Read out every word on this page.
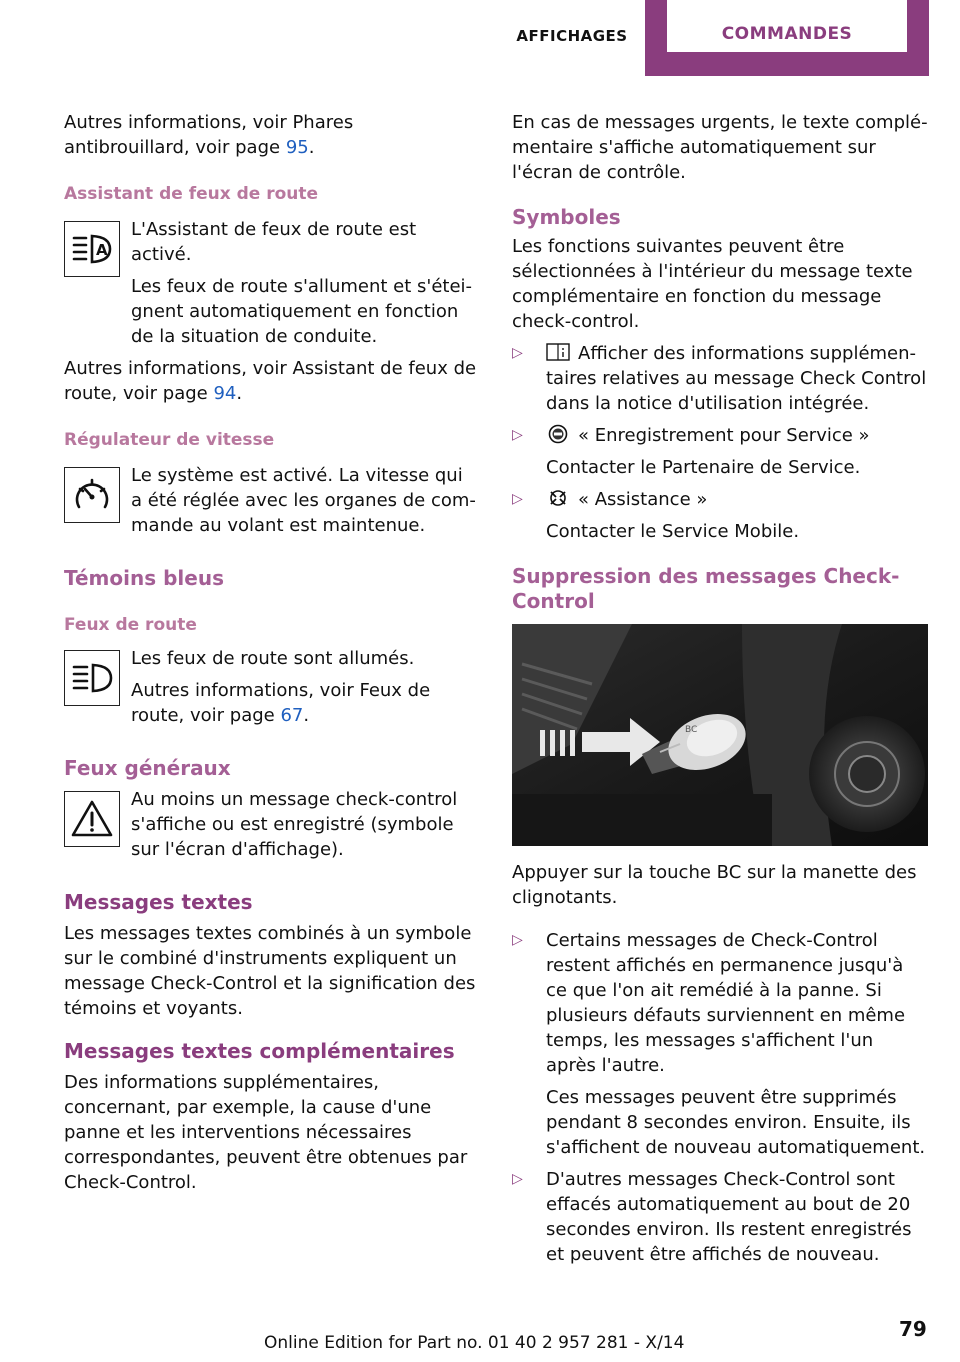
AFFICHAGES	COMMANDES

Autres informations, voir Phares antibrouillard, voir page 95.

Assistant de feux de route
A

L'Assistant de feux de route est activé.

Les feux de route s'allument et s'éteignent automatiquement en fonction de la situation de conduite.

Autres informations, voir Assistant de feux de route, voir page 94.

Régulateur de vitesse

Le système est activé. La vitesse qui a été réglée avec les organes de commande au volant est maintenue.

Témoins bleus
Feux de route

Les feux de route sont allumés.

Autres informations, voir Feux de route, voir page 67.

Feux généraux

Au moins un message check-control s'affiche ou est enregistré (symbole sur l'écran d'affichage).

Messages textes

Les messages textes combinés à un symbole sur le combiné d'instruments expliquent un message Check-Control et la signification des témoins et voyants.

Messages textes complémentaires

Des informations supplémentaires, concernant, par exemple, la cause d'une panne et les interventions nécessaires correspondantes, peuvent être obtenues par Check-Control.

En cas de messages urgents, le texte complémentaire s'affiche automatiquement sur l'écran de contrôle.

Symboles

Les fonctions suivantes peuvent être sélectionnées à l'intérieur du message texte complémentaire en fonction du message check-control.

▷	Afficher des informations supplémentaires relatives au message Check Control dans la notice d'utilisation intégrée.

▷	« Enregistrement pour Service »

Contacter le Partenaire de Service.

▷	« Assistance »

Contacter le Service Mobile.

Suppression des messages Check-Control
BC

Appuyer sur la touche BC sur la manette des clignotants.

▷ Certains messages de Check-Control restent affichés en permanence jusqu'à ce que l'on ait remédié à la panne. Si plusieurs défauts surviennent en même temps, les messages s'affichent l'un après l'autre.

Ces messages peuvent être supprimés pendant 8 secondes environ. Ensuite, ils s'affichent de nouveau automatiquement.

▷ D'autres messages Check-Control sont effacés automatiquement au bout de 20 secondes environ. Ils restent enregistrés et peuvent être affichés de nouveau.

Online Edition for Part no. 01 40 2 957 281 - X/14
79
